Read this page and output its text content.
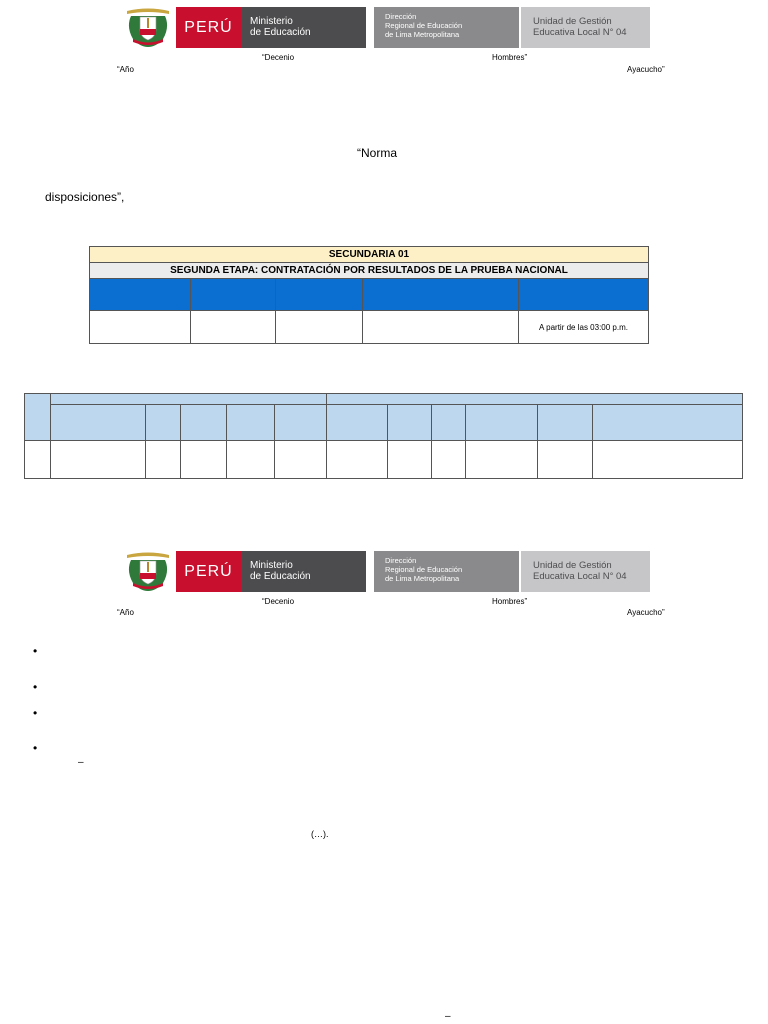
PERÚ	Ministerio
de Educación
Dirección
Regional de Educación
de Lima Metropolitana
Unidad de Gestión
Educativa Local N° 04
“Decenio	Hombres”
“Año	Ayacucho”
“Norma
disposiciones”,
SECUNDARIA 01				
SEGUNDA ETAPA: CONTRATACIÓN POR RESULTADOS DE LA PRUEBA NACIONAL				

				A partir de las 03:00 p.m.

PERÚ	Ministerio
de Educación
Dirección
Regional de Educación
de Lima Metropolitana
Unidad de Gestión
Educativa Local N° 04
“Decenio	Hombres”
“Año	Ayacucho”
•
•
•
•
–
(…).
–
